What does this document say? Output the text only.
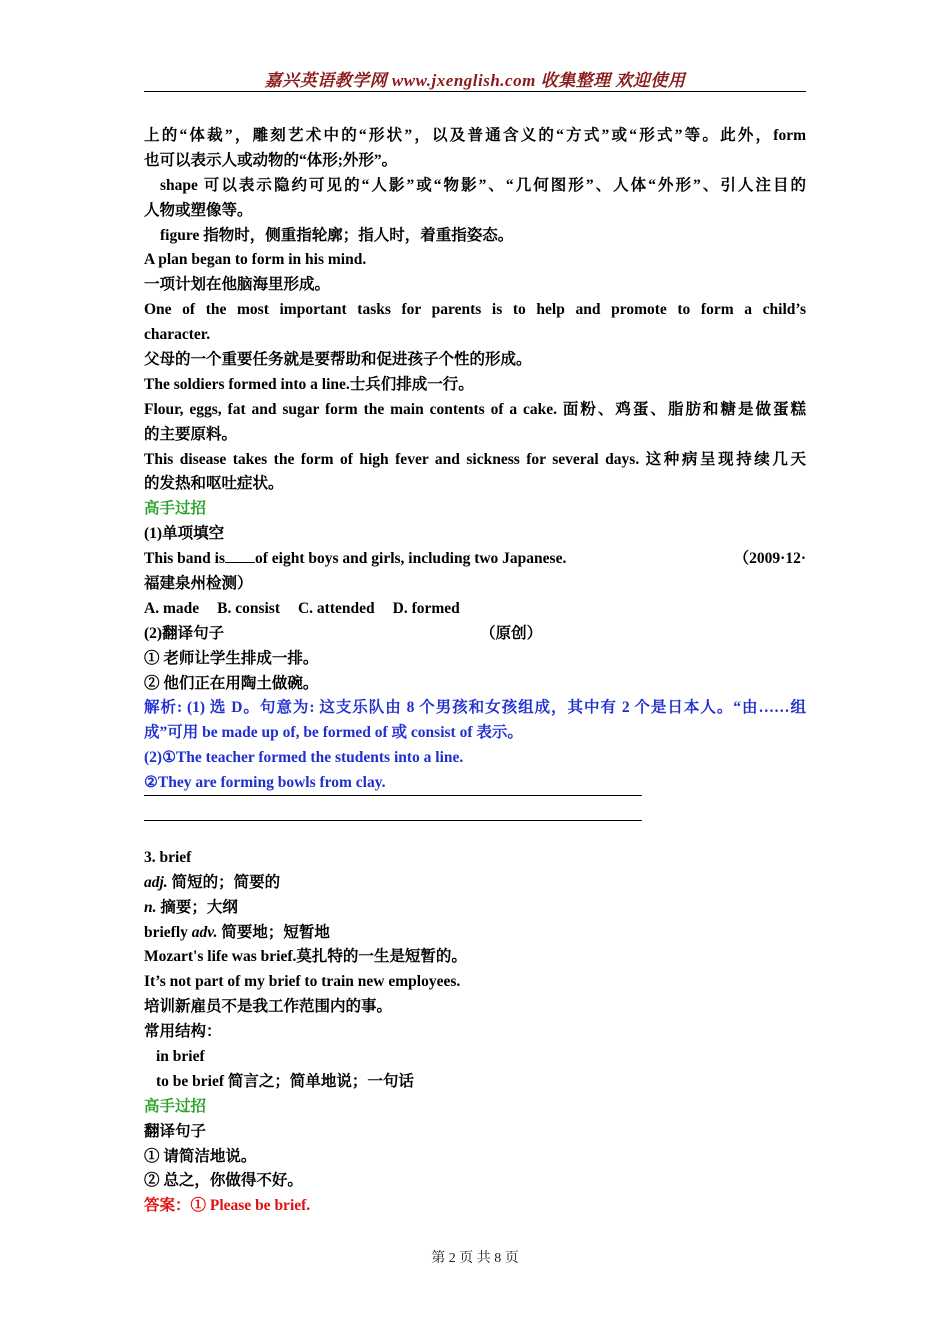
嘉兴英语教学网 www.jxenglish.com 收集整理 欢迎使用
上的“体裁”，雕刻艺术中的“形状”，以及普通含义的“方式”或“形式”等。此外，form
也可以表示人或动物的“体形;外形”。
shape 可以表示隐约可见的“人影”或“物影”、“几何图形”、人体“外形”、引人注目的
人物或塑像等。
figure 指物时，侧重指轮廓；指人时，着重指姿态。
A plan began to form in his mind.
一项计划在他脑海里形成。
One of the most important tasks for parents is to help and promote to form a child’s
character.
父母的一个重要任务就是要帮助和促进孩子个性的形成。
The soldiers formed into a line.士兵们排成一行。
Flour, eggs, fat and sugar form the main contents of a cake. 面粉、鸡蛋、脂肪和糖是做蛋糕
的主要原料。
This disease takes the form of high fever and sickness for several days. 这种病呈现持续几天
的发热和呕吐症状。
高手过招
(1)单项填空
This band is of eight boys and girls, including two Japanese.	（2009·12·
福建泉州检测）
A. made B. consist C. attended D. formed
(2)翻译句子	（原创）
① 老师让学生排成一排。
② 他们正在用陶土做碗。
解析: (1) 选 D。句意为: 这支乐队由 8 个男孩和女孩组成，其中有 2 个是日本人。“由……组
成”可用 be made up of, be formed of 或 consist of 表示。
(2)①The teacher formed the students into a line.
②They are forming bowls from clay.
3. brief
adj. 简短的；简要的
n. 摘要；大纲
briefly adv. 简要地；短暂地
Mozart's life was brief.莫扎特的一生是短暂的。
It’s not part of my brief to train new employees.
培训新雇员不是我工作范围内的事。
常用结构：
in brief
to be brief 简言之；简单地说；一句话
高手过招
翻译句子
① 请简洁地说。
② 总之，你做得不好。
答案：① Please be brief.
第 2 页 共 8 页
